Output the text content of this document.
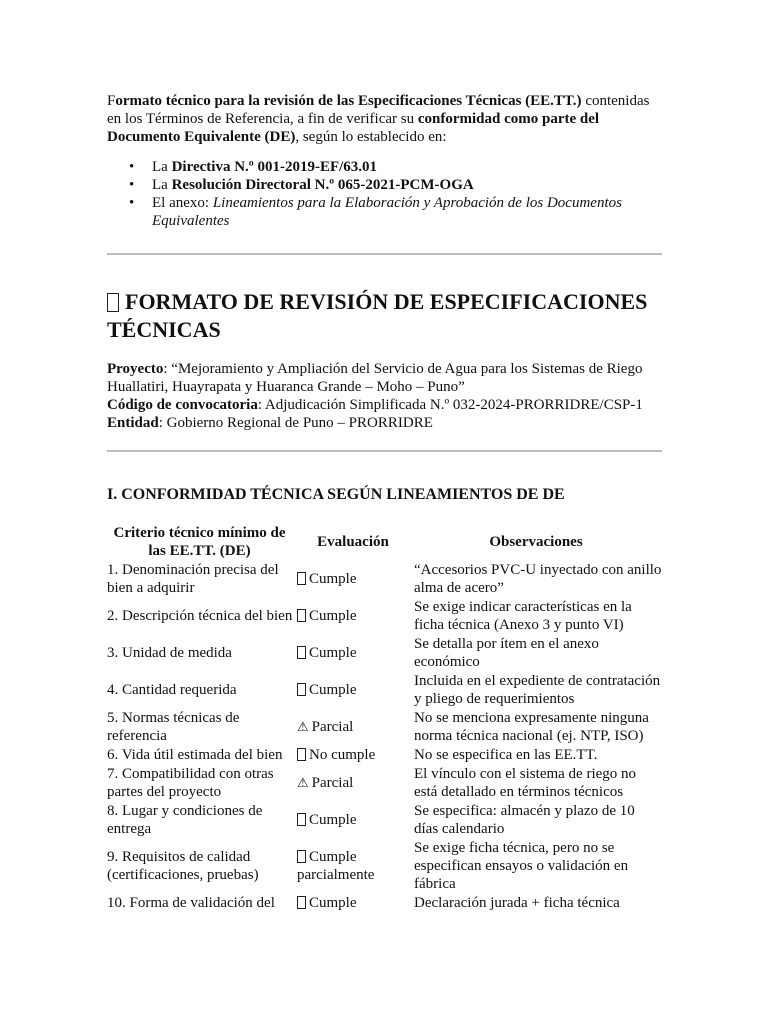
Formato técnico para la revisión de las Especificaciones Técnicas (EE.TT.) contenidas en los Términos de Referencia, a fin de verificar su conformidad como parte del Documento Equivalente (DE), según lo establecido en:

• La Directiva N.º 001-2019-EF/63.01
• La Resolución Directoral N.º 065-2021-PCM-OGA
• El anexo: Lineamientos para la Elaboración y Aprobación de los Documentos Equivalentes
FORMATO DE REVISIÓN DE ESPECIFICACIONES TÉCNICAS
Proyecto: “Mejoramiento y Ampliación del Servicio de Agua para los Sistemas de Riego Huallatiri, Huayrapata y Huaranca Grande – Moho – Puno”
Código de convocatoria: Adjudicación Simplificada N.º 032-2024-PRORRIDRE/CSP-1
Entidad: Gobierno Regional de Puno – PRORRIDRE
I. CONFORMIDAD TÉCNICA SEGÚN LINEAMIENTOS DE DE
Criterio técnico mínimo de las EE.TT. (DE)	Evaluación	Observaciones
1. Denominación precisa del bien a adquirir	Cumple	“Accesorios PVC-U inyectado con anillo alma de acero”
2. Descripción técnica del bien	Cumple	Se exige indicar características en la ficha técnica (Anexo 3 y punto VI)
3. Unidad de medida	Cumple	Se detalla por ítem en el anexo económico
4. Cantidad requerida	Cumple	Incluida en el expediente de contratación y pliego de requerimientos
5. Normas técnicas de referencia	⚠ Parcial	No se menciona expresamente ninguna norma técnica nacional (ej. NTP, ISO)
6. Vida útil estimada del bien	No cumple	No se especifica en las EE.TT.
7. Compatibilidad con otras partes del proyecto	⚠ Parcial	El vínculo con el sistema de riego no está detallado en términos técnicos
8. Lugar y condiciones de entrega	Cumple	Se especifica: almacén y plazo de 10 días calendario
9. Requisitos de calidad (certificaciones, pruebas)	Cumple parcialmente	Se exige ficha técnica, pero no se especifican ensayos o validación en fábrica
10. Forma de validación del	Cumple	Declaración jurada + ficha técnica
